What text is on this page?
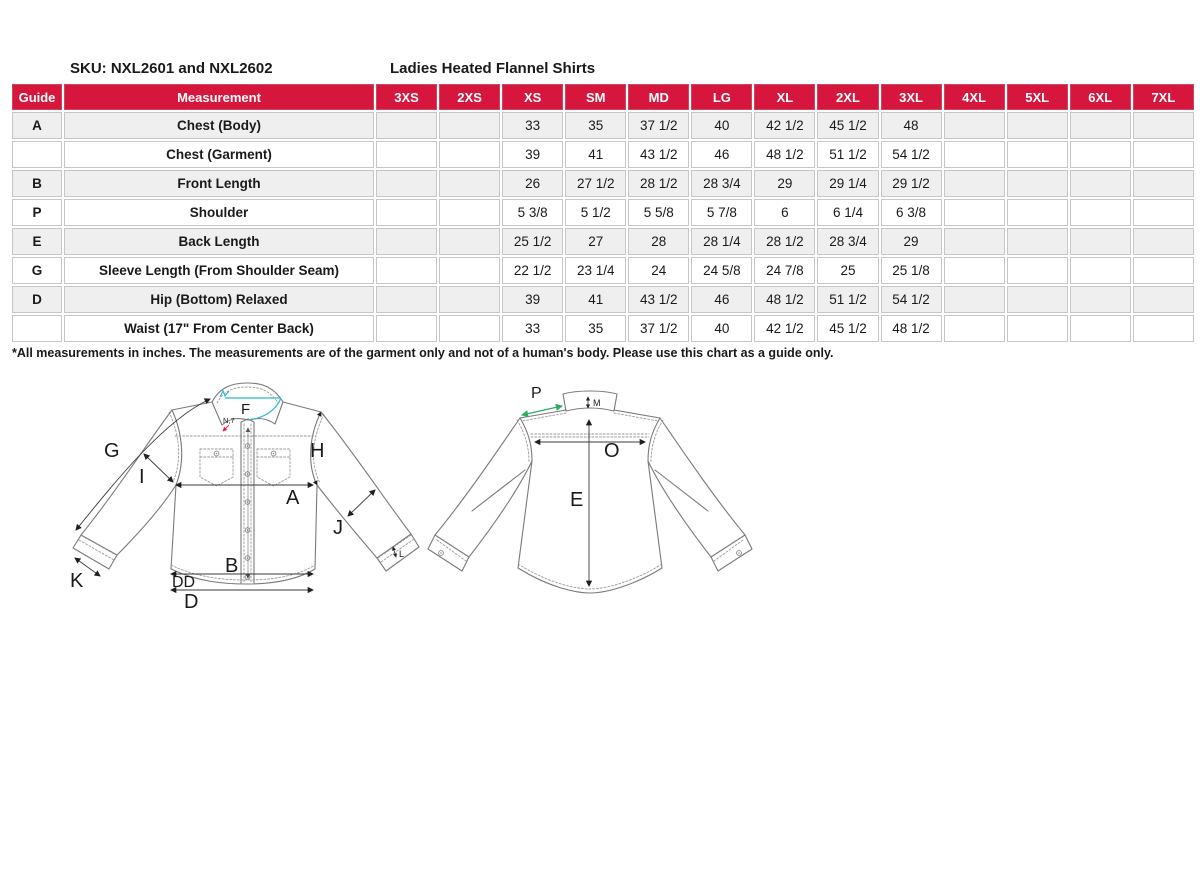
SKU: NXL2601 and NXL2602	Ladies Heated Flannel Shirts
Guide	Measurement	3XS	2XS	XS	SM	MD	LG	XL	2XL	3XL	4XL	5XL	6XL	7XL
A	Chest (Body)			33	35	37 1/2	40	42 1/2	45 1/2	48				
	Chest (Garment)			39	41	43 1/2	46	48 1/2	51 1/2	54 1/2				
B	Front Length			26	27 1/2	28 1/2	28 3/4	29	29 1/4	29 1/2				
P	Shoulder			5 3/8	5 1/2	5 5/8	5 7/8	6	6 1/4	6 3/8				
E	Back Length			25 1/2	27	28	28 1/4	28 1/2	28 3/4	29				
G	Sleeve Length (From Shoulder Seam)			22 1/2	23 1/4	24	24 5/8	24 7/8	25	25 1/8				
D	Hip (Bottom) Relaxed			39	41	43 1/2	46	48 1/2	51 1/2	54 1/2				
	Waist (17" From Center Back)			33	35	37 1/2	40	42 1/2	45 1/2	48 1/2				
*All measurements in inches. The measurements are of the garment only and not of a human's body. Please use this chart as a guide only.
G
I
F
N,7
H
A
J
B
DD
D
K
L
P
M
O
E
